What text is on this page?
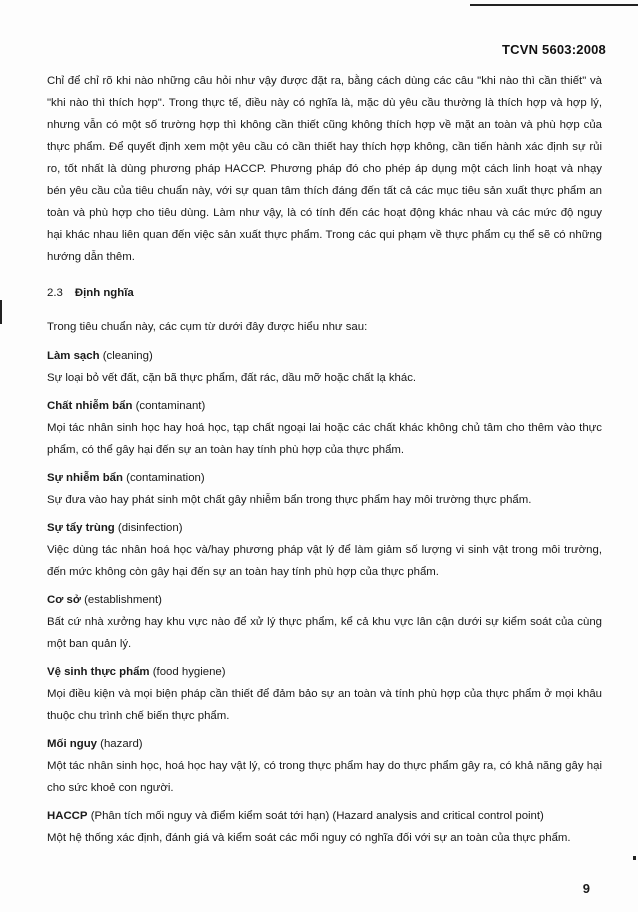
TCVN 5603:2008

Chỉ để chỉ rõ khi nào những câu hỏi như vậy được đặt ra, bằng cách dùng các câu "khi nào thì cần thiết" và "khi nào thì thích hợp". Trong thực tế, điều này có nghĩa là, mặc dù yêu cầu thường là thích hợp và hợp lý, nhưng vẫn có một số trường hợp thì không cần thiết cũng không thích hợp về mặt an toàn và phù hợp của thực phẩm. Để quyết định xem một yêu cầu có cần thiết hay thích hợp không, cần tiến hành xác định sự rủi ro, tốt nhất là dùng phương pháp HACCP. Phương pháp đó cho phép áp dụng một cách linh hoạt và nhạy bén yêu cầu của tiêu chuẩn này, với sự quan tâm thích đáng đến tất cả các mục tiêu sản xuất thực phẩm an toàn và phù hợp cho tiêu dùng. Làm như vậy, là có tính đến các hoạt động khác nhau và các mức độ nguy hại khác nhau liên quan đến việc sản xuất thực phẩm. Trong các qui phạm về thực phẩm cụ thể sẽ có những hướng dẫn thêm.

2.3 Định nghĩa

Trong tiêu chuẩn này, các cụm từ dưới đây được hiểu như sau:

Làm sạch (cleaning)

Sự loại bỏ vết đất, cặn bã thực phẩm, đất rác, dầu mỡ hoặc chất lạ khác.

Chất nhiễm bẩn (contaminant)

Mọi tác nhân sinh học hay hoá học, tạp chất ngoại lai hoặc các chất khác không chủ tâm cho thêm vào thực phẩm, có thể gây hại đến sự an toàn hay tính phù hợp của thực phẩm.

Sự nhiễm bẩn (contamination)

Sự đưa vào hay phát sinh một chất gây nhiễm bẩn trong thực phẩm hay môi trường thực phẩm.

Sự tẩy trùng (disinfection)

Việc dùng tác nhân hoá học và/hay phương pháp vật lý để làm giảm số lượng vi sinh vật trong môi trường, đến mức không còn gây hại đến sự an toàn hay tính phù hợp của thực phẩm.

Cơ sở (establishment)

Bất cứ nhà xưởng hay khu vực nào để xử lý thực phẩm, kể cả khu vực lân cận dưới sự kiểm soát của cùng một ban quản lý.

Vệ sinh thực phẩm (food hygiene)

Mọi điều kiện và mọi biện pháp cần thiết để đảm bảo sự an toàn và tính phù hợp của thực phẩm ở mọi khâu thuộc chu trình chế biến thực phẩm.

Mối nguy (hazard)

Một tác nhân sinh học, hoá học hay vật lý, có trong thực phẩm hay do thực phẩm gây ra, có khả năng gây hại cho sức khoẻ con người.

HACCP (Phân tích mối nguy và điểm kiểm soát tới hạn) (Hazard analysis and critical control point)

Một hệ thống xác định, đánh giá và kiểm soát các mối nguy có nghĩa đối với sự an toàn của thực phẩm.

9
